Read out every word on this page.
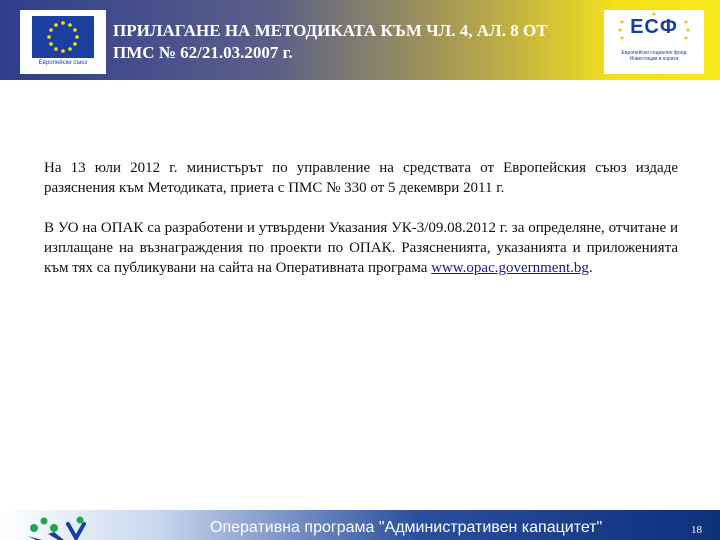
Европейски съюз
ПРИЛАГАНЕ НА МЕТОДИКАТА КЪМ ЧЛ. 4, АЛ. 8 ОТ
ПМС № 62/21.03.2007 г.
ЕСФ
Европейски социален фонд
Инвестиции в хората

На 13 юли 2012 г. министърът по управление на средствата от Европейския съюз издаде разяснения към Методиката, приета с ПМС № 330 от 5 декември 2011 г.

В УО на ОПАК са разработени и утвърдени Указания УК-3/09.08.2012 г. за определяне, отчитане и изплащане на възнаграждения по проекти по ОПАК. Разясненията, указанията и приложенията към тях са публикувани на сайта на Оперативната програма www.opac.government.bg.

Оперативна програма "Административен капацитет"	18
